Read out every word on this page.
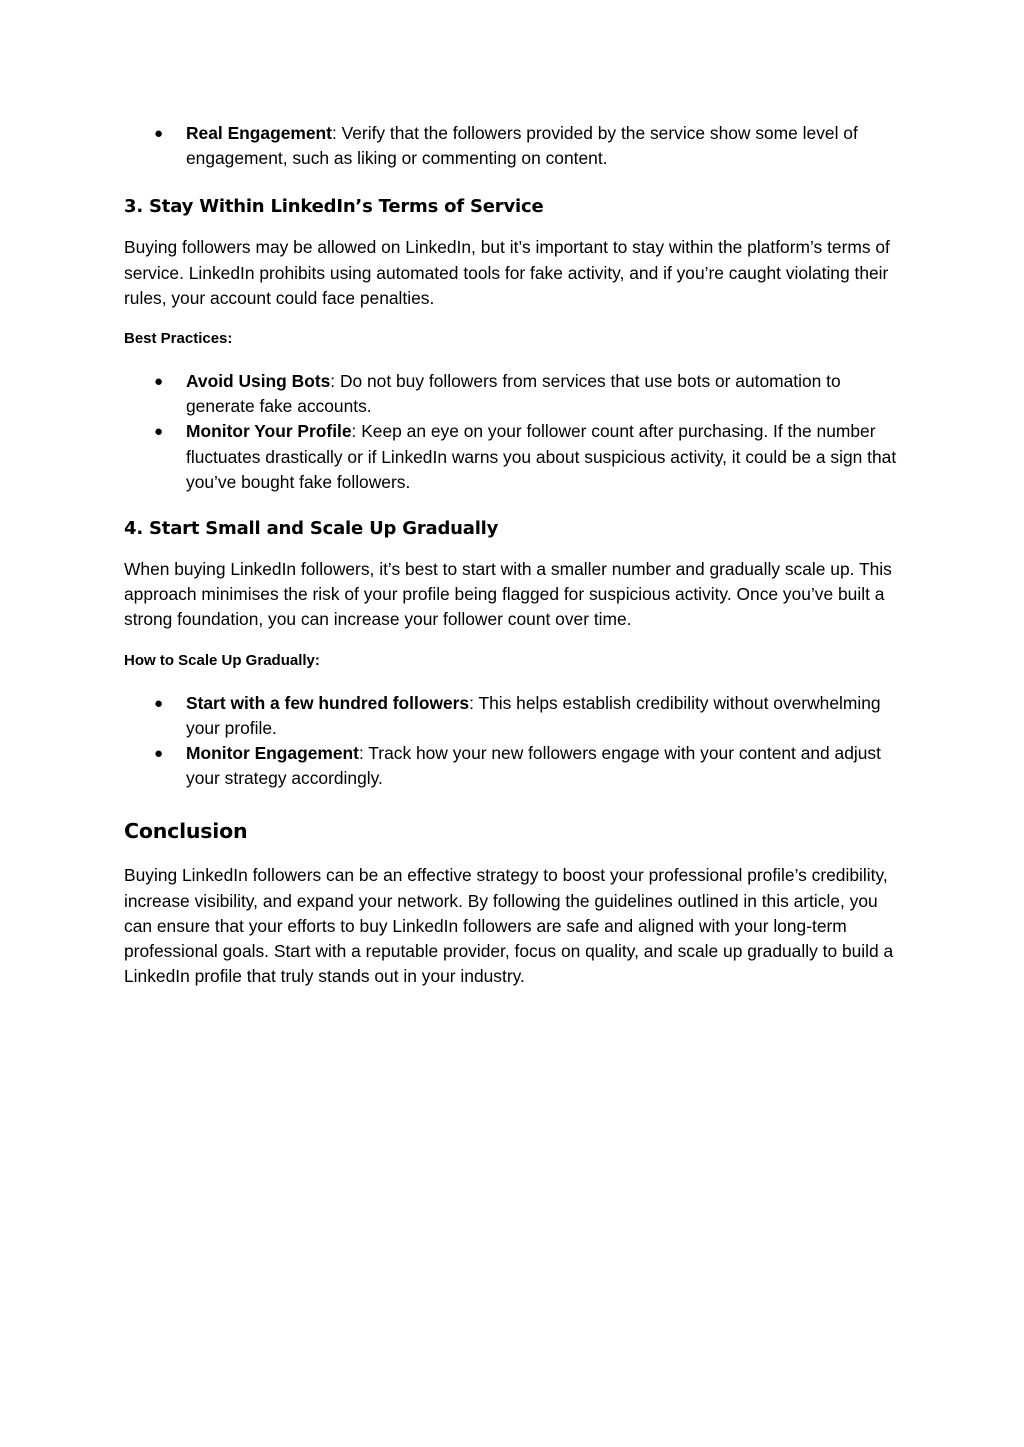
● Real Engagement: Verify that the followers provided by the service show some level of engagement, such as liking or commenting on content.
3. Stay Within LinkedIn’s Terms of Service

Buying followers may be allowed on LinkedIn, but it’s important to stay within the platform’s terms of service. LinkedIn prohibits using automated tools for fake activity, and if you’re caught violating their rules, your account could face penalties.

Best Practices:

● Avoid Using Bots: Do not buy followers from services that use bots or automation to generate fake accounts.
● Monitor Your Profile: Keep an eye on your follower count after purchasing. If the number fluctuates drastically or if LinkedIn warns you about suspicious activity, it could be a sign that you’ve bought fake followers.
4. Start Small and Scale Up Gradually

When buying LinkedIn followers, it’s best to start with a smaller number and gradually scale up. This approach minimises the risk of your profile being flagged for suspicious activity. Once you’ve built a strong foundation, you can increase your follower count over time.

How to Scale Up Gradually:

● Start with a few hundred followers: This helps establish credibility without overwhelming your profile.
● Monitor Engagement: Track how your new followers engage with your content and adjust your strategy accordingly.
Conclusion

Buying LinkedIn followers can be an effective strategy to boost your professional profile’s credibility, increase visibility, and expand your network. By following the guidelines outlined in this article, you can ensure that your efforts to buy LinkedIn followers are safe and aligned with your long-term professional goals. Start with a reputable provider, focus on quality, and scale up gradually to build a LinkedIn profile that truly stands out in your industry.
